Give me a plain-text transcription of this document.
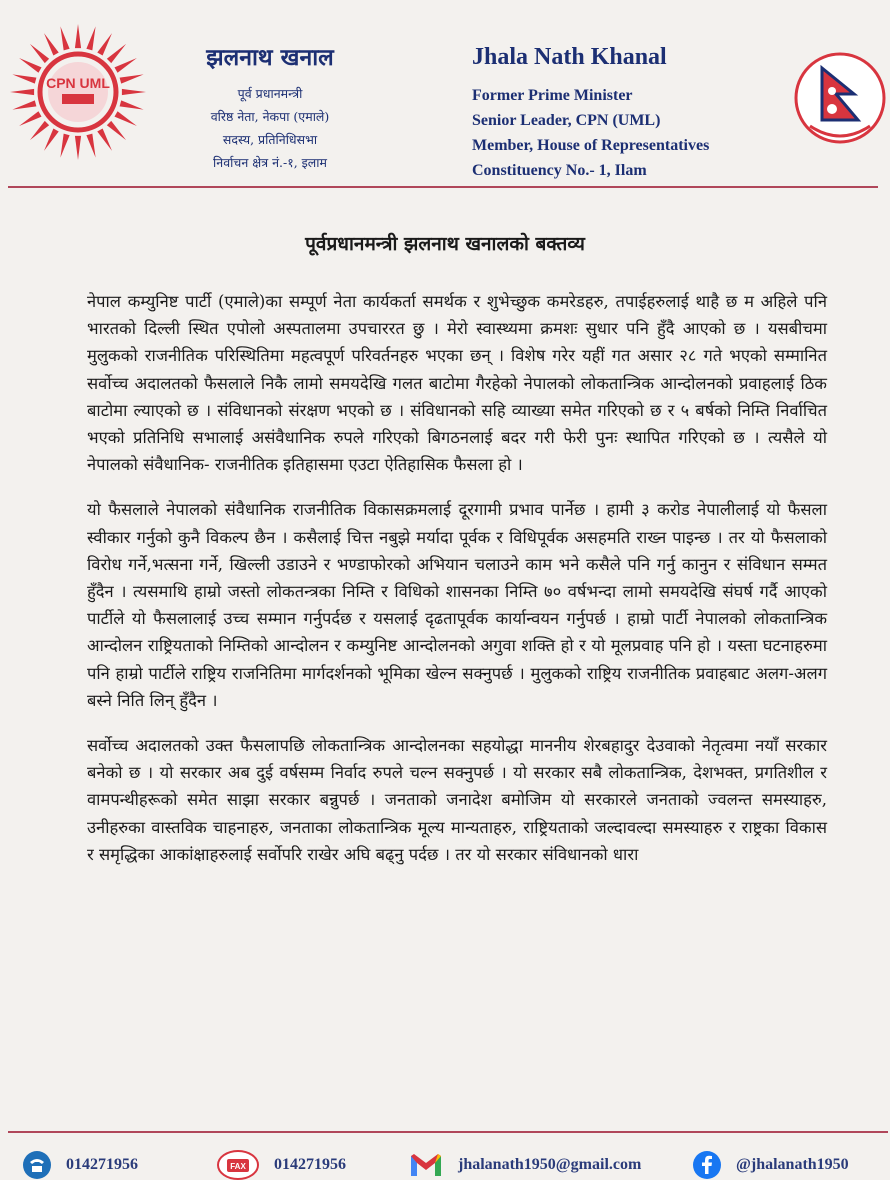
CPN UML
झलनाथ खनाल
पूर्व प्रधानमन्त्री
वरिष्ठ नेता, नेकपा (एमाले)
सदस्य, प्रतिनिधिसभा
निर्वाचन क्षेत्र नं.-१, इलाम
Jhala Nath Khanal
Former Prime Minister
Senior Leader, CPN (UML)
Member, House of Representatives
Constituency No.- 1, Ilam
पूर्वप्रधानमन्त्री झलनाथ खनालको बक्तव्य

नेपाल कम्युनिष्ट पार्टी (एमाले)का सम्पूर्ण नेता कार्यकर्ता समर्थक र शुभेच्छुक कमरेडहरु, तपाईहरुलाई थाहै छ म अहिले पनि भारतको दिल्ली स्थित एपोलो अस्पतालमा उपचाररत छु । मेरो स्वास्थ्यमा क्रमशः सुधार पनि हुँदै आएको छ । यसबीचमा मुलुकको राजनीतिक परिस्थितिमा महत्वपूर्ण परिवर्तनहरु भएका छन् । विशेष गरेर यहीं गत असार २८ गते भएको सम्मानित सर्वोच्च अदालतको फैसलाले निकै लामो समयदेखि गलत बाटोमा गैरहेको नेपालको लोकतान्त्रिक आन्दोलनको प्रवाहलाई ठिक बाटोमा ल्याएको छ । संविधानको संरक्षण भएको छ । संविधानको सहि व्याख्या समेत गरिएको छ र ५ बर्षको निम्ति निर्वाचित भएको प्रतिनिधि सभालाई असंवैधानिक रुपले गरिएको बिगठनलाई बदर गरी फेरी पुनः स्थापित गरिएको छ । त्यसैले यो नेपालको संवैधानिक- राजनीतिक इतिहासमा एउटा ऐतिहासिक फैसला हो ।

यो फैसलाले नेपालको संवैधानिक राजनीतिक विकासक्रमलाई दूरगामी प्रभाव पार्नेछ । हामी ३ करोड नेपालीलाई यो फैसला स्वीकार गर्नुको कुनै विकल्प छैन । कसैलाई चित्त नबुझे मर्यादा पूर्वक र विधिपूर्वक असहमति राख्न पाइन्छ । तर यो फैसलाको विरोध गर्ने,भत्सना गर्ने, खिल्ली उडाउने र भण्डाफोरको अभियान चलाउने काम भने कसैले पनि गर्नु कानुन र संविधान सम्मत हुँदैन । त्यसमाथि हाम्रो जस्तो लोकतन्त्रका निम्ति र विधिको शासनका निम्ति ७० वर्षभन्दा लामो समयदेखि संघर्ष गर्दै आएको पार्टीले यो फैसलालाई उच्च सम्मान गर्नुपर्दछ र यसलाई दृढतापूर्वक कार्यान्वयन गर्नुपर्छ । हाम्रो पार्टी नेपालको लोकतान्त्रिक आन्दोलन राष्ट्रियताको निम्तिको आन्दोलन र कम्युनिष्ट आन्दोलनको अगुवा शक्ति हो र यो मूलप्रवाह पनि हो । यस्ता घटनाहरुमा पनि हाम्रो पार्टीले राष्ट्रिय राजनितिमा मार्गदर्शनको भूमिका खेल्न सक्नुपर्छ । मुलुकको राष्ट्रिय राजनीतिक प्रवाहबाट अलग-अलग बस्ने निति लिन् हुँदैन ।

सर्वोच्च अदालतको उक्त फैसलापछि लोकतान्त्रिक आन्दोलनका सहयोद्धा माननीय शेरबहादुर देउवाको नेतृत्वमा नयाँ सरकार बनेको छ । यो सरकार अब दुई वर्षसम्म निर्वाद रुपले चल्न सक्नुपर्छ । यो सरकार सबै लोकतान्त्रिक, देशभक्त, प्रगतिशील र वामपन्थीहरूको समेत साझा सरकार बन्नुपर्छ । जनताको जनादेश बमोजिम यो सरकारले जनताको ज्वलन्त समस्याहरु, उनीहरुका वास्तविक चाहनाहरु, जनताका लोकतान्त्रिक मूल्य मान्यताहरु, राष्ट्रियताको जल्दावल्दा समस्याहरु र राष्ट्रका विकास र समृद्धिका आकांक्षाहरुलाई सर्वोपरि राखेर अघि बढ्नु पर्दछ । तर यो सरकार संविधानको धारा

014271956	FAX 014271956	jhalanath1950@gmail.com	@jhalanath1950
